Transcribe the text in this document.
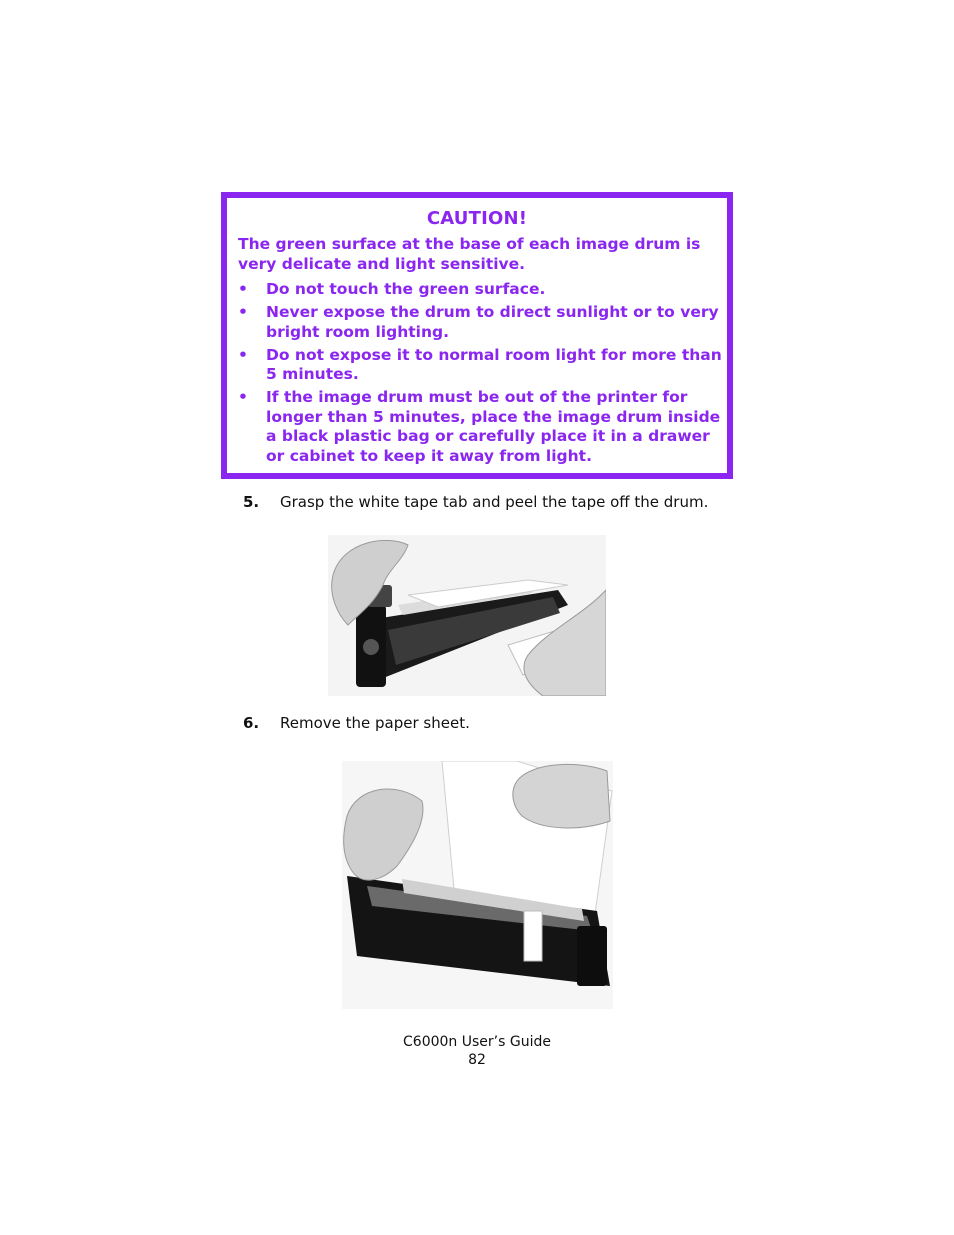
CAUTION!
The green surface at the base of each image drum is very delicate and light sensitive.
• Do not touch the green surface.
• Never expose the drum to direct sunlight or to very bright room lighting.
• Do not expose it to normal room light for more than 5 minutes.
• If the image drum must be out of the printer for longer than 5 minutes, place the image drum inside a black plastic bag or carefully place it in a drawer or cabinet to keep it away from light.
5. Grasp the white tape tab and peel the tape off the drum.
6. Remove the paper sheet.
C6000n User’s Guide
82
